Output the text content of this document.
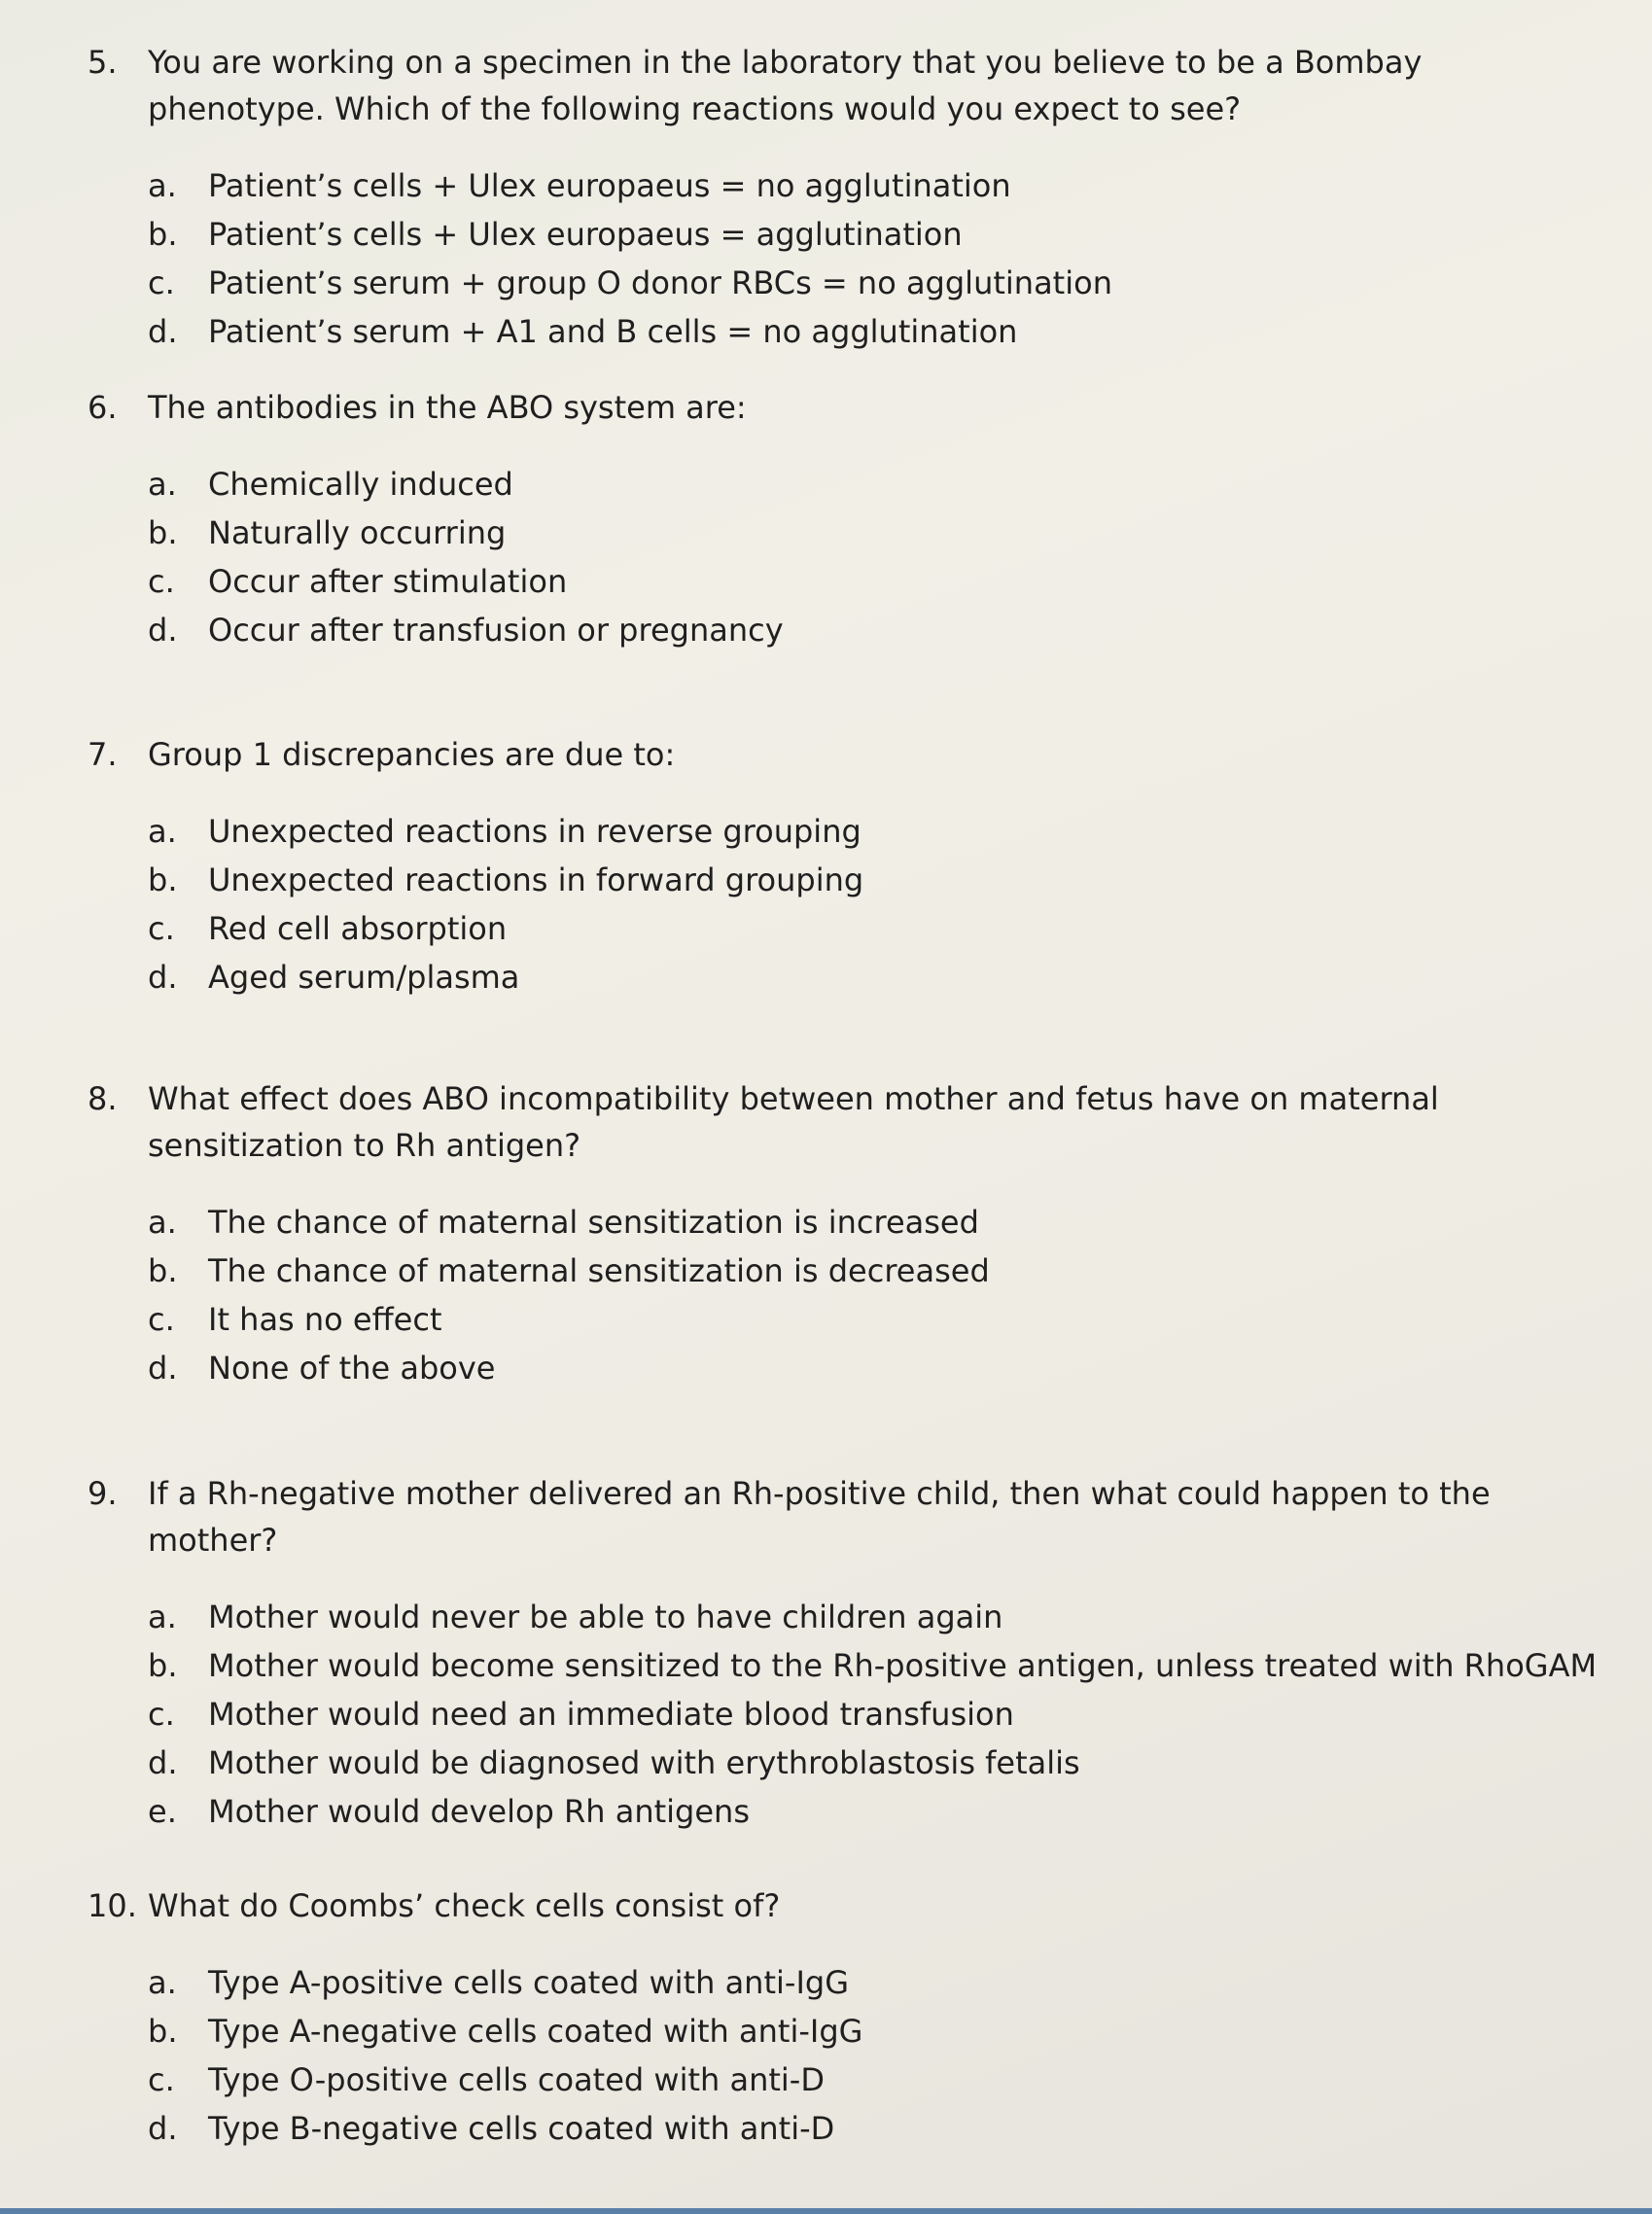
5. You are working on a specimen in the laboratory that you believe to be a Bombay phenotype. Which of the following reactions would you expect to see?
a.	Patient’s cells + Ulex europaeus = no agglutination
b. Patient’s cells + Ulex europaeus = agglutination
c.	Patient’s serum + group O donor RBCs = no agglutination
d. Patient’s serum + A1 and B cells = no agglutination
6. The antibodies in the ABO system are:
a.	Chemically induced
b. Naturally occurring
c.	Occur after stimulation
d. Occur after transfusion or pregnancy
7. Group 1 discrepancies are due to:
a.	Unexpected reactions in reverse grouping
b. Unexpected reactions in forward grouping
c.	Red cell absorption
d. Aged serum/plasma
8. What effect does ABO incompatibility between mother and fetus have on maternal sensitization to Rh antigen?
a.	The chance of maternal sensitization is increased
b. The chance of maternal sensitization is decreased
c.	It has no effect
d. None of the above
9. If a Rh-negative mother delivered an Rh-positive child, then what could happen to the mother?
a.	Mother would never be able to have children again
b. Mother would become sensitized to the Rh-positive antigen, unless treated with RhoGAM
c.	Mother would need an immediate blood transfusion
d. Mother would be diagnosed with erythroblastosis fetalis
e.	Mother would develop Rh antigens
10. What do Coombs’ check cells consist of?
a.	Type A-positive cells coated with anti-IgG
b. Type A-negative cells coated with anti-IgG
c.	Type O-positive cells coated with anti-D
d. Type B-negative cells coated with anti-D
